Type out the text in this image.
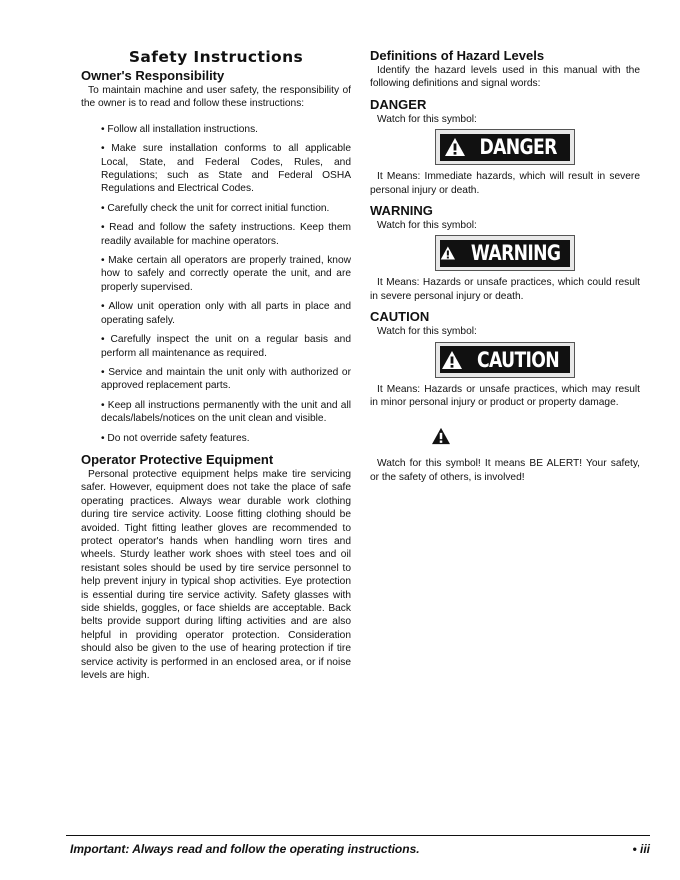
Safety Instructions
Owner's Responsibility

To maintain machine and user safety, the responsibility of the owner is to read and follow these instructions:

• Follow all installation instructions.
• Make sure installation conforms to all applicable Local, State, and Federal Codes, Rules, and Regulations; such as State and Federal OSHA Regulations and Electrical Codes.
• Carefully check the unit for correct initial function.
• Read and follow the safety instructions. Keep them readily available for machine operators.
• Make certain all operators are properly trained, know how to safely and correctly operate the unit, and are properly supervised.
• Allow unit operation only with all parts in place and operating safely.
• Carefully inspect the unit on a regular basis and perform all maintenance as required.
• Service and maintain the unit only with authorized or approved replacement parts.
• Keep all instructions permanently with the unit and all decals/labels/notices on the unit clean and visible.
• Do not override safety features.
Operator Protective Equipment

Personal protective equipment helps make tire servicing safer. However, equipment does not take the place of safe operating practices. Always wear durable work clothing during tire service activity. Loose fitting clothing should be avoided. Tight fitting leather gloves are recommended to protect operator's hands when handling worn tires and wheels. Sturdy leather work shoes with steel toes and oil resistant soles should be used by tire service personnel to help prevent injury in typical shop activities. Eye protection is essential during tire service activity. Safety glasses with side shields, goggles, or face shields are acceptable. Back belts provide support during lifting activities and are also helpful in providing operator protection. Consideration should also be given to the use of hearing protection if tire service activity is performed in an enclosed area, or if noise levels are high.

Definitions of Hazard Levels

Identify the hazard levels used in this manual with the following definitions and signal words:

DANGER
Watch for this symbol:
DANGER

It Means: Immediate hazards, which will result in severe personal injury or death.

WARNING
Watch for this symbol:
WARNING

It Means: Hazards or unsafe practices, which could result in severe personal injury or death.

CAUTION
Watch for this symbol:
CAUTION

It Means: Hazards or unsafe practices, which may result in minor personal injury or product or property damage.

Watch for this symbol! It means BE ALERT! Your safety, or the safety of others, is involved!

Important: Always read and follow the operating instructions.	• iii
